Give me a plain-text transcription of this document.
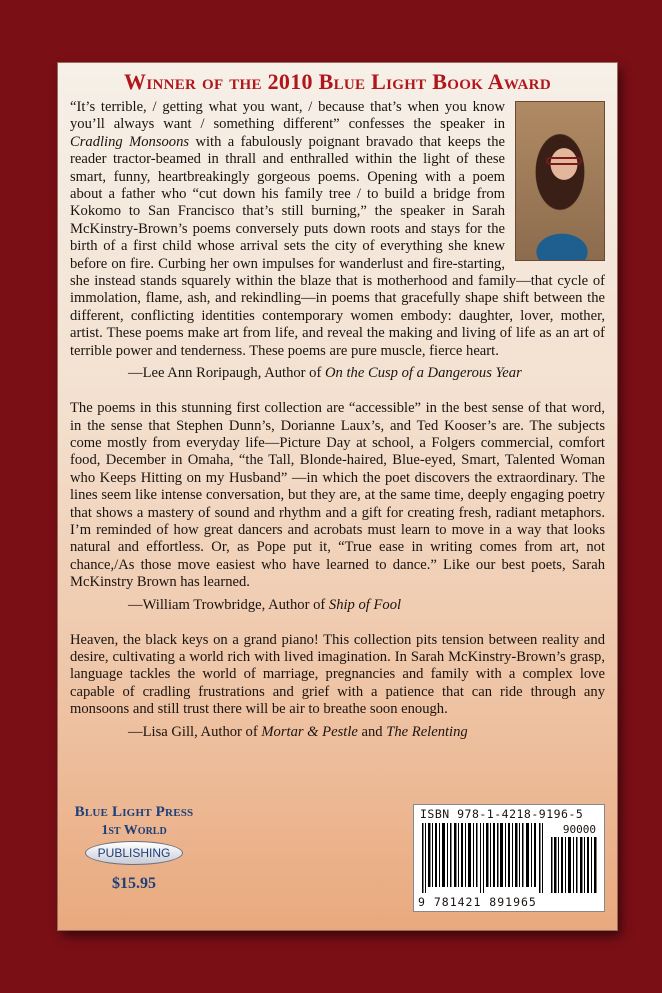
Winner of the 2010 Blue Light Book Award

“It’s terrible, / getting what you want, / because that’s when you know you’ll always want / something different” confesses the speaker in Cradling Monsoons with a fabulously poignant bravado that keeps the reader tractor-beamed in thrall and enthralled within the light of these smart, funny, heartbreakingly gorgeous poems. Opening with a poem about a father who “cut down his family tree / to build a bridge from Kokomo to San Francisco that’s still burning,” the speaker in Sarah McKinstry-Brown’s poems conversely puts down roots and stays for the birth of a first child whose arrival sets the city of everything she knew before on fire. Curbing her own impulses for wanderlust and fire-starting, she instead stands squarely within the blaze that is motherhood and family—that cycle of immolation, flame, ash, and rekindling—in poems that gracefully shape shift between the different, conflicting identities contemporary women embody: daughter, lover, mother, artist. These poems make art from life, and reveal the making and living of life as an art of terrible power and tenderness. These poems are pure muscle, fierce heart.

—Lee Ann Roripaugh, Author of On the Cusp of a Dangerous Year

The poems in this stunning first collection are “accessible” in the best sense of that word, in the sense that Stephen Dunn’s, Dorianne Laux’s, and Ted Kooser’s are. The subjects come mostly from everyday life—Picture Day at school, a Folgers commercial, comfort food, December in Omaha, “the Tall, Blonde-haired, Blue-eyed, Smart, Talented Woman who Keeps Hitting on my Husband” —in which the poet discovers the extraordinary. The lines seem like intense conversation, but they are, at the same time, deeply engaging poetry that shows a mastery of sound and rhythm and a gift for creating fresh, radiant metaphors. I’m reminded of how great dancers and acrobats must learn to move in a way that looks natural and effortless. Or, as Pope put it, “True ease in writing comes from art, not chance,/As those move easiest who have learned to dance.” Like our best poets, Sarah McKinstry Brown has learned.

—William Trowbridge, Author of Ship of Fool

Heaven, the black keys on a grand piano! This collection pits tension between reality and desire, cultivating a world rich with lived imagination. In Sarah McKinstry-Brown’s grasp, language tackles the world of marriage, pregnancies and family with a complex love capable of cradling frustrations and grief with a patience that can ride through any monsoons and still trust there will be air to breathe soon enough.

—Lisa Gill, Author of Mortar & Pestle and The Relenting
Blue Light Press
1st World
PUBLISHING
$15.95
ISBN 978-1-4218-9196-5
90000
9 781421 891965
